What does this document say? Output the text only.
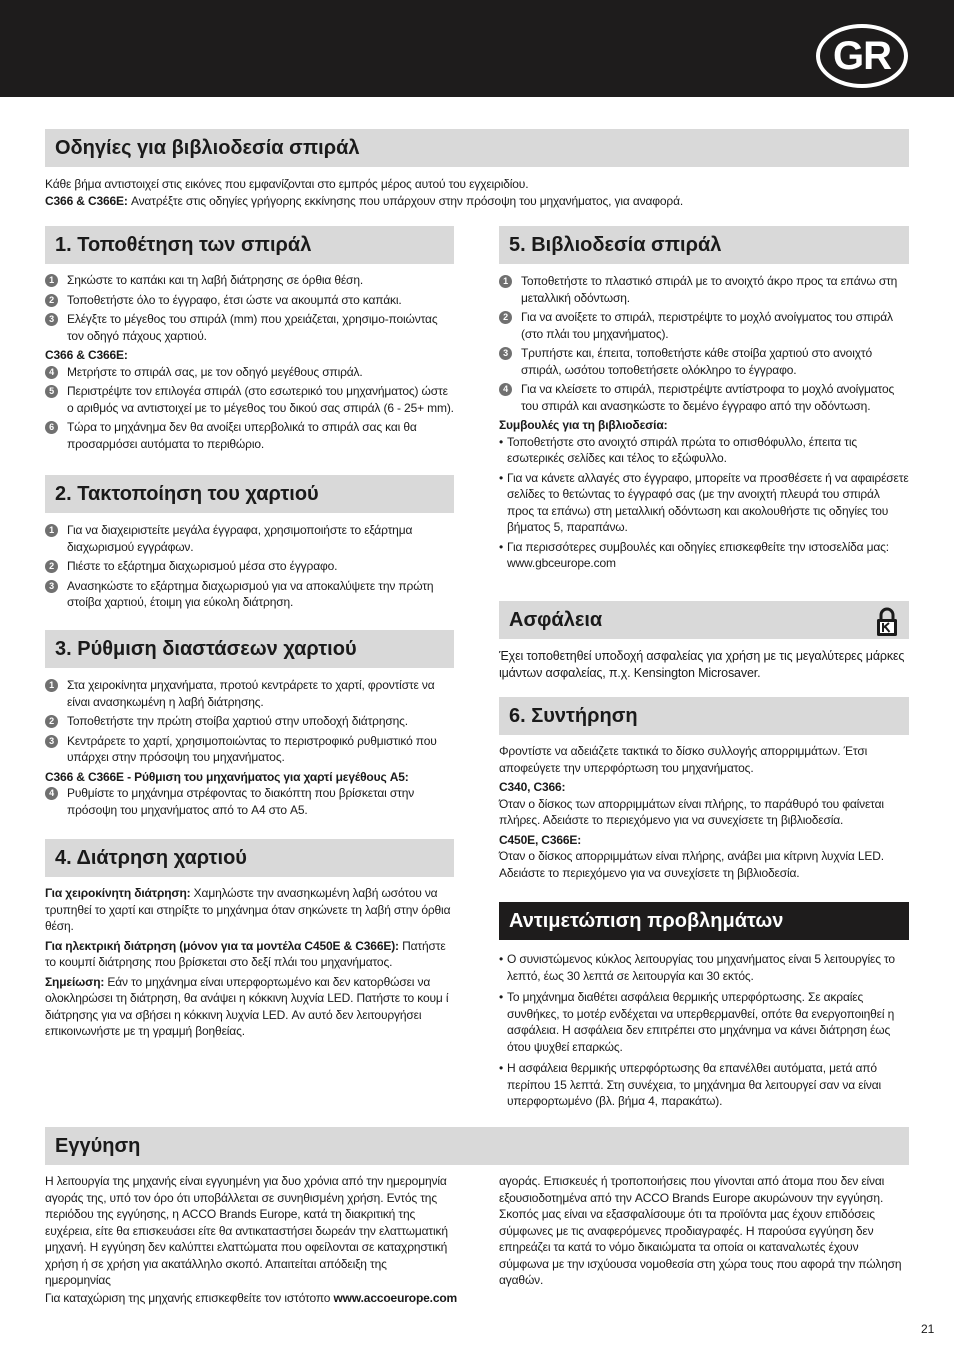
GR
Οδηγίες για βιβλιοδεσία σπιράλ

Κάθε βήμα αντιστοιχεί στις εικόνες που εμφανίζονται στο εμπρός μέρος αυτού του εγχειριδίου.

C366 & C366E: Ανατρέξτε στις οδηγίες γρήγορης εκκίνησης που υπάρχουν στην πρόσοψη του μηχανήματος, για αναφορά.

1. Τοποθέτηση των σπιράλ
1	Σηκώστε το καπάκι και τη λαβή διάτρησης σε όρθια θέση.
2	Τοποθετήστε όλο το έγγραφο, έτσι ώστε να ακουμπά στο καπάκι.
3	Ελέγξτε το μέγεθος του σπιράλ (mm) που χρειάζεται, χρησιμο-ποιώντας τον οδηγό πάχους χαρτιού.

C366 & C366E:

4	Μετρήστε το σπιράλ σας, με τον οδηγό μεγέθους σπιράλ.
5	Περιστρέψτε τον επιλογέα σπιράλ (στο εσωτερικό του μηχανήματος) ώστε ο αριθμός να αντιστοιχεί με το μέγεθος του δικού σας σπιράλ (6 - 25+ mm).
6	Τώρα το μηχάνημα δεν θα ανοίξει υπερβολικά το σπιράλ σας και θα προσαρμόσει αυτόματα το περιθώριο.
2. Τακτοποίηση του χαρτιού
1	Για να διαχειριστείτε μεγάλα έγγραφα, χρησιμοποιήστε το εξάρτημα διαχωρισμού εγγράφων.
2	Πιέστε το εξάρτημα διαχωρισμού μέσα στο έγγραφο.
3	Ανασηκώστε το εξάρτημα διαχωρισμού για να αποκαλύψετε την πρώτη στοίβα χαρτιού, έτοιμη για εύκολη διάτρηση.
3. Ρύθμιση διαστάσεων χαρτιού
1	Στα χειροκίνητα μηχανήματα, προτού κεντράρετε το χαρτί, φροντίστε να είναι ανασηκωμένη η λαβή διάτρησης.
2	Τοποθετήστε την πρώτη στοίβα χαρτιού στην υποδοχή διάτρησης.
3	Κεντράρετε το χαρτί, χρησιμοποιώντας το περιστροφικό ρυθμιστικό που υπάρχει στην πρόσοψη του μηχανήματος.

C366 & C366E - Ρύθμιση του μηχανήματος για χαρτί μεγέθους A5:

4	Ρυθμίστε το μηχάνημα στρέφοντας το διακόπτη που βρίσκεται στην πρόσοψη του μηχανήματος από το A4 στο A5.
4. Διάτρηση χαρτιού

Για χειροκίνητη διάτρηση: Χαμηλώστε την ανασηκωμένη λαβή ωσότου να τρυπηθεί το χαρτί και στηρίξτε το μηχάνημα όταν σηκώνετε τη λαβή στην όρθια θέση.

Για ηλεκτρική διάτρηση (μόνον για τα μοντέλα C450E & C366E): Πατήστε το κουμπί διάτρησης που βρίσκεται στο δεξί πλάι του μηχανήματος.

Σημείωση: Εάν το μηχάνημα είναι υπερφορτωμένο και δεν κατορθώσει να ολοκληρώσει τη διάτρηση, θα ανάψει η κόκκινη λυχνία LED. Πατήστε το κουμ ί διάτρησης για να σβήσει η κόκκινη λυχνία LED. Αν αυτό δεν λειτουργήσει επικοινωνήστε με τη γραμμή βοηθείας.

5. Βιβλιοδεσία σπιράλ
1	Τοποθετήστε το πλαστικό σπιράλ με το ανοιχτό άκρο προς τα επάνω στη μεταλλική οδόντωση.
2	Για να ανοίξετε το σπιράλ, περιστρέψτε το μοχλό ανοίγματος του σπιράλ (στο πλάι του μηχανήματος).
3	Τρυπήστε και, έπειτα, τοποθετήστε κάθε στοίβα χαρτιού στο ανοιχτό σπιράλ, ωσότου τοποθετήσετε ολόκληρο το έγγραφο.
4	Για να κλείσετε το σπιράλ, περιστρέψτε αντίστροφα το μοχλό ανοίγματος του σπιράλ και ανασηκώστε το δεμένο έγγραφο από την οδόντωση.

Συμβουλές για τη βιβλιοδεσία:

• Τοποθετήστε στο ανοιχτό σπιράλ πρώτα το οπισθόφυλλο, έπειτα τις εσωτερικές σελίδες και τέλος το εξώφυλλο.
• Για να κάνετε αλλαγές στο έγγραφο, μπορείτε να προσθέσετε ή να αφαιρέσετε σελίδες το θετώντας το έγγραφό σας (με την ανοιχτή πλευρά του σπιράλ προς τα επάνω) στη μεταλλική οδόντωση και ακολουθήστε τις οδηγίες του βήματος 5, παραπάνω.
• Για περισσότερες συμβουλές και οδηγίες επισκεφθείτε την ιστοσελίδα μας: www.gbceurope.com
Ασφάλεια

Έχει τοποθετηθεί υποδοχή ασφαλείας για χρήση με τις μεγαλύτερες μάρκες ιμάντων ασφαλείας, π.χ. Kensington Microsaver.

6. Συντήρηση

Φροντίστε να αδειάζετε τακτικά το δίσκο συλλογής απορριμμάτων. Έτσι αποφεύγετε την υπερφόρτωση του μηχανήματος.

C340, C366:

Όταν ο δίσκος των απορριμμάτων είναι πλήρης, το παράθυρό του φαίνεται πλήρες. Αδειάστε το περιεχόμενο για να συνεχίσετε τη βιβλιοδεσία.

C450E, C366E:

Όταν ο δίσκος απορριμμάτων είναι πλήρης, ανάβει μια κίτρινη λυχνία LED. Αδειάστε το περιεχόμενο για να συνεχίσετε τη βιβλιοδεσία.

Αντιμετώπιση προβλημάτων
• Ο συνιστώμενος κύκλος λειτουργίας του μηχανήματος είναι 5 λειτουργίες το λεπτό, έως 30 λεπτά σε λειτουργία και 30 εκτός.
• Το μηχάνημα διαθέτει ασφάλεια θερμικής υπερφόρτωσης. Σε ακραίες συνθήκες, το μοτέρ ενδέχεται να υπερθερμανθεί, οπότε θα ενεργοποιηθεί η ασφάλεια. Η ασφάλεια δεν επιτρέπει στο μηχάνημα να κάνει διάτρηση έως ότου ψυχθεί επαρκώς.
• Η ασφάλεια θερμικής υπερφόρτωσης θα επανέλθει αυτόματα, μετά από περίπου 15 λεπτά. Στη συνέχεια, το μηχάνημα θα λειτουργεί σαν να είναι υπερφορτωμένο (βλ. βήμα 4, παρακάτω).
Εγγύηση

Η λειτουργία της μηχανής είναι εγγυημένη για δυο χρόνια από την ημερομηνία αγοράς της, υπό τον όρο ότι υποβάλλεται σε συνηθισμένη χρήση. Εντός της περιόδου της εγγύησης, η ACCO Brands Europe, κατά τη διακριτική της ευχέρεια, είτε θα επισκευάσει είτε θα αντικαταστήσει δωρεάν την ελαττωματική μηχανή. Η εγγύηση δεν καλύπτει ελαττώματα που οφείλονται σε καταχρηστική χρήση ή σε χρήση για ακατάλληλο σκοπό. Απαιτείται απόδειξη της ημερομηνίας

αγοράς. Επισκευές ή τροποποιήσεις που γίνονται από άτομα που δεν είναι εξουσιοδοτημένα από την ACCO Brands Europe ακυρώνουν την εγγύηση. Σκοπός μας είναι να εξασφαλίσουμε ότι τα προϊόντα μας έχουν επιδόσεις σύμφωνες με τις αναφερόμενες προδιαγραφές. Η παρούσα εγγύηση δεν επηρεάζει τα κατά το νόμο δικαιώματα τα οποία οι καταναλωτές έχουν σύμφωνα με την ισχύουσα νομοθεσία στη χώρα τους που αφορά την πώληση αγαθών.

Για καταχώριση της μηχανής επισκεφθείτε τον ιστότοπο www.accoeurope.com
21
